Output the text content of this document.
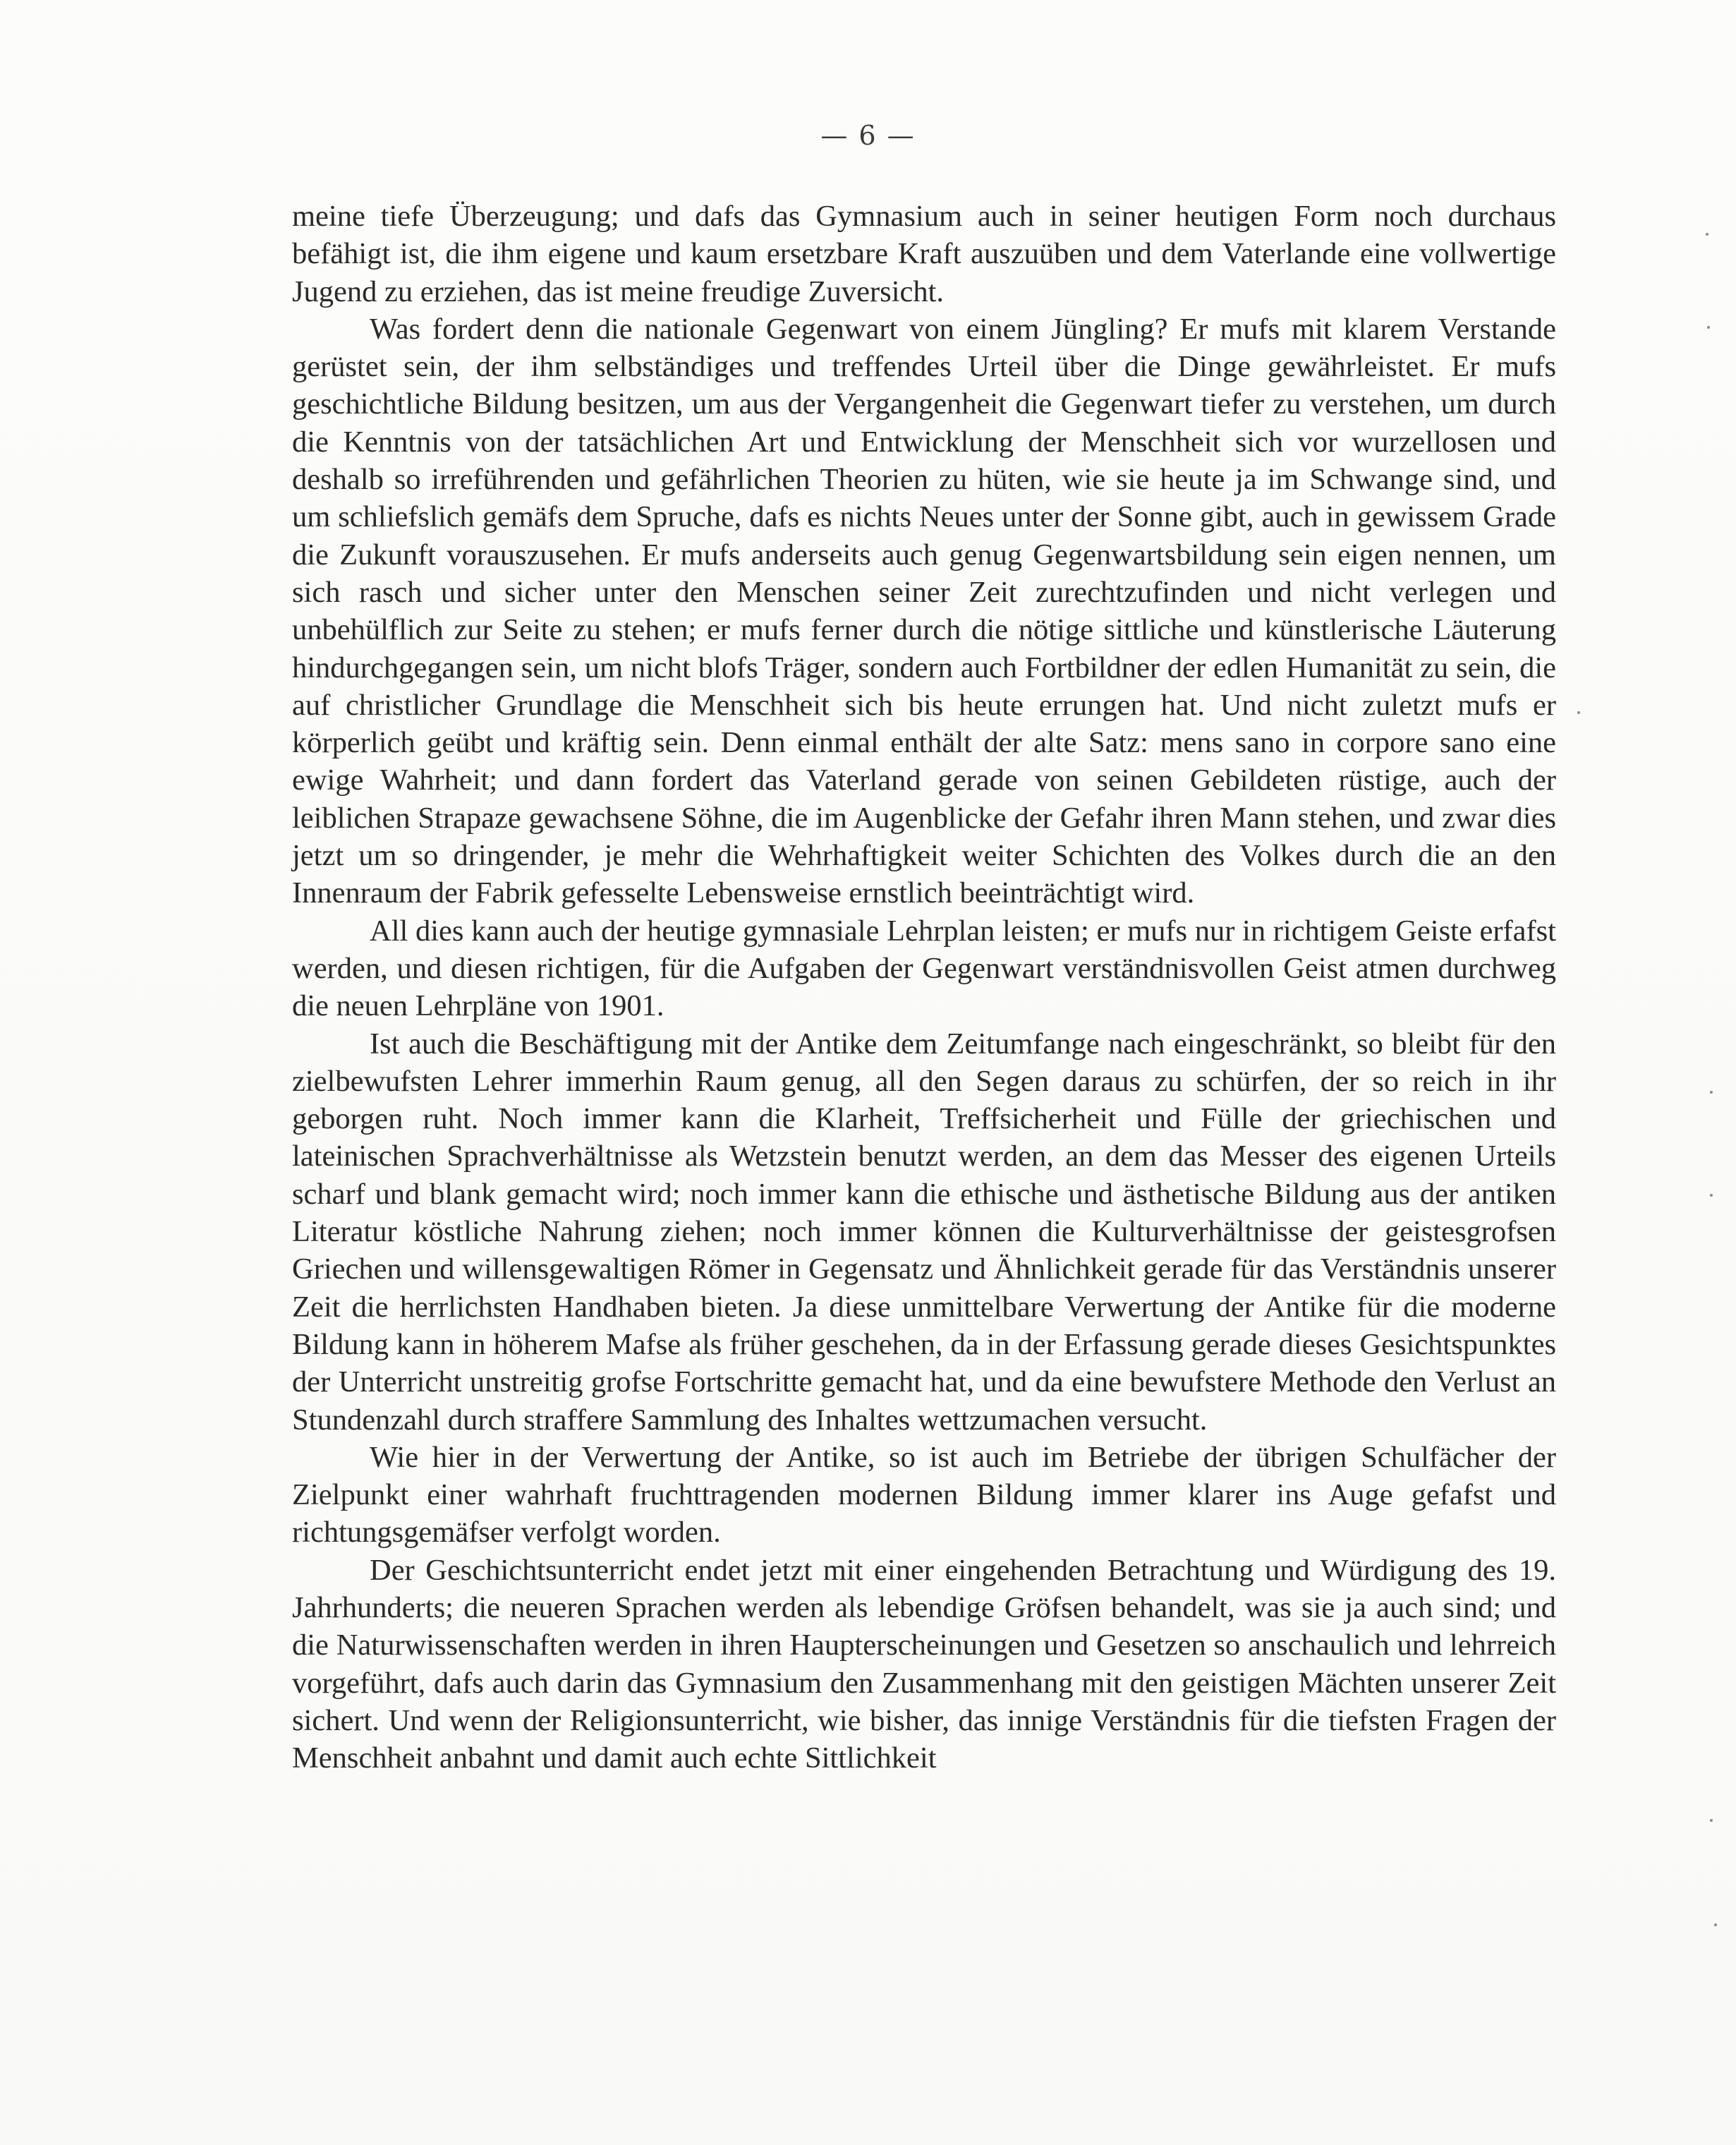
— 6 —

meine tiefe Überzeugung; und dafs das Gymnasium auch in seiner heutigen Form noch durchaus befähigt ist, die ihm eigene und kaum ersetzbare Kraft auszuüben und dem Vaterlande eine vollwertige Jugend zu erziehen, das ist meine freudige Zuversicht.

Was fordert denn die nationale Gegenwart von einem Jüngling? Er mufs mit klarem Verstande gerüstet sein, der ihm selbständiges und treffendes Urteil über die Dinge gewährleistet. Er mufs geschichtliche Bildung besitzen, um aus der Vergangenheit die Gegenwart tiefer zu verstehen, um durch die Kenntnis von der tatsächlichen Art und Entwicklung der Menschheit sich vor wurzellosen und deshalb so irreführenden und gefährlichen Theorien zu hüten, wie sie heute ja im Schwange sind, und um schliefslich gemäfs dem Spruche, dafs es nichts Neues unter der Sonne gibt, auch in gewissem Grade die Zukunft vorauszusehen. Er mufs anderseits auch genug Gegenwartsbildung sein eigen nennen, um sich rasch und sicher unter den Menschen seiner Zeit zurechtzufinden und nicht verlegen und unbehülflich zur Seite zu stehen; er mufs ferner durch die nötige sittliche und künstlerische Läuterung hindurchgegangen sein, um nicht blofs Träger, sondern auch Fortbildner der edlen Humanität zu sein, die auf christlicher Grundlage die Menschheit sich bis heute errungen hat. Und nicht zuletzt mufs er körperlich geübt und kräftig sein. Denn einmal enthält der alte Satz: mens sano in corpore sano eine ewige Wahrheit; und dann fordert das Vaterland gerade von seinen Gebildeten rüstige, auch der leiblichen Strapaze gewachsene Söhne, die im Augenblicke der Gefahr ihren Mann stehen, und zwar dies jetzt um so dringender, je mehr die Wehrhaftigkeit weiter Schichten des Volkes durch die an den Innenraum der Fabrik gefesselte Lebensweise ernstlich beeinträchtigt wird.

All dies kann auch der heutige gymnasiale Lehrplan leisten; er mufs nur in richtigem Geiste erfafst werden, und diesen richtigen, für die Aufgaben der Gegenwart verständnisvollen Geist atmen durchweg die neuen Lehrpläne von 1901.

Ist auch die Beschäftigung mit der Antike dem Zeitumfange nach eingeschränkt, so bleibt für den zielbewufsten Lehrer immerhin Raum genug, all den Segen daraus zu schürfen, der so reich in ihr geborgen ruht. Noch immer kann die Klarheit, Treffsicherheit und Fülle der griechischen und lateinischen Sprachverhältnisse als Wetzstein benutzt werden, an dem das Messer des eigenen Urteils scharf und blank gemacht wird; noch immer kann die ethische und ästhetische Bildung aus der antiken Literatur köstliche Nahrung ziehen; noch immer können die Kulturverhältnisse der geistesgrofsen Griechen und willensgewaltigen Römer in Gegensatz und Ähnlichkeit gerade für das Verständnis unserer Zeit die herrlichsten Handhaben bieten. Ja diese unmittelbare Verwertung der Antike für die moderne Bildung kann in höherem Mafse als früher geschehen, da in der Erfassung gerade dieses Gesichtspunktes der Unterricht unstreitig grofse Fortschritte gemacht hat, und da eine bewufstere Methode den Verlust an Stundenzahl durch straffere Sammlung des Inhaltes wettzumachen versucht.

Wie hier in der Verwertung der Antike, so ist auch im Betriebe der übrigen Schulfächer der Zielpunkt einer wahrhaft fruchttragenden modernen Bildung immer klarer ins Auge gefafst und richtungsgemäfser verfolgt worden.

Der Geschichtsunterricht endet jetzt mit einer eingehenden Betrachtung und Würdigung des 19. Jahrhunderts; die neueren Sprachen werden als lebendige Gröfsen behandelt, was sie ja auch sind; und die Naturwissenschaften werden in ihren Haupterscheinungen und Gesetzen so anschaulich und lehrreich vorgeführt, dafs auch darin das Gymnasium den Zusammenhang mit den geistigen Mächten unserer Zeit sichert. Und wenn der Religionsunterricht, wie bisher, das innige Verständnis für die tiefsten Fragen der Menschheit anbahnt und damit auch echte Sittlichkeit
